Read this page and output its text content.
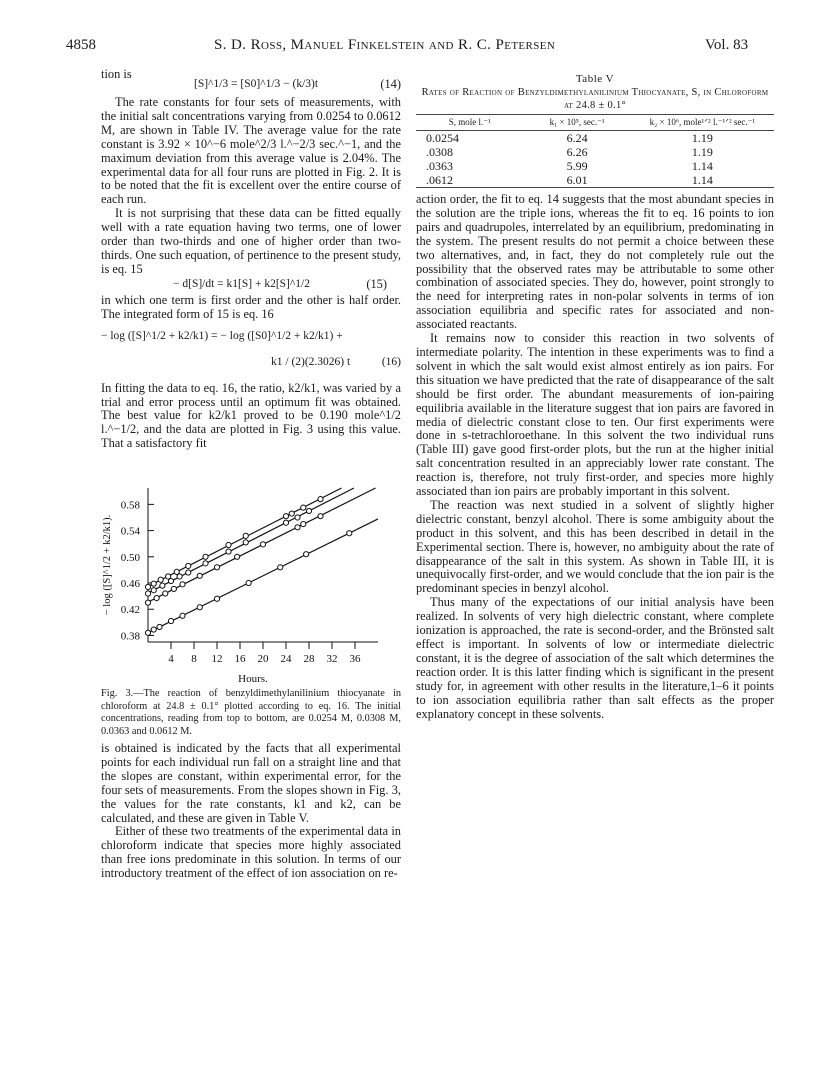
4858	S. D. Ross, Manuel Finkelstein and R. C. Petersen	Vol. 83

tion is
[S]^1/3 = [S0]^1/3 − (k/3)t	(14)

The rate constants for four sets of measurements, with the initial salt concentrations varying from 0.0254 to 0.0612 M, are shown in Table IV. The average value for the rate constant is 3.92 × 10^−6 mole^2/3 l.^−2/3 sec.^−1, and the maximum deviation from this average value is 2.04%. The experimental data for all four runs are plotted in Fig. 2. It is to be noted that the fit is excellent over the entire course of each run.

It is not surprising that these data can be fitted equally well with a rate equation having two terms, one of lower order than two-thirds and one of higher order than two-thirds. One such equation, of pertinence to the present study, is eq. 15

− d[S]/dt = k1[S] + k2[S]^1/2	(15)

in which one term is first order and the other is half order. The integrated form of 15 is eq. 16

− log ([S]^1/2 + k2/k1) = − log ([S0]^1/2 + k2/k1) +
k1 / (2)(2.3026) t	(16)

In fitting the data to eq. 16, the ratio, k2/k1, was varied by a trial and error process until an optimum fit was obtained. The best value for k2/k1 proved to be 0.190 mole^1/2 l.^−1/2, and the data are plotted in Fig. 3 using this value. That a satisfactory fit

4 8 12 16 20 24 28 32 36
0.38
0.42
0.46
0.50
0.54
0.58
Hours.
− log ([S]^1/2 + k2/k1).
Fig. 3.—The reaction of benzyldimethylanilinium thiocyanate in chloroform at 24.8 ± 0.1° plotted according to eq. 16. The initial concentrations, reading from top to bottom, are 0.0254 M, 0.0308 M, 0.0363 and 0.0612 M.

is obtained is indicated by the facts that all experimental points for each individual run fall on a straight line and that the slopes are constant, within experimental error, for the four sets of measurements. From the slopes shown in Fig. 3, the values for the rate constants, k1 and k2, can be calculated, and these are given in Table V.

Either of these two treatments of the experimental data in chloroform indicate that species more highly associated than free ions predominate in this solution. In terms of our introductory treatment of the effect of ion association on re-

Table V
Rates of Reaction of Benzyldimethylanilinium Thiocyanate, S, in Chloroform at 24.8 ± 0.1°
S, mole l.⁻¹	k₁ × 10⁵, sec.⁻¹	k₂ × 10⁶, mole¹ᐟ² l.⁻¹ᐟ² sec.⁻¹
0.0254	6.24	1.19
.0308	6.26	1.19
.0363	5.99	1.14
.0612	6.01	1.14

action order, the fit to eq. 14 suggests that the most abundant species in the solution are the triple ions, whereas the fit to eq. 16 points to ion pairs and quadrupoles, interrelated by an equilibrium, predominating in the system. The present results do not permit a choice between these two alternatives, and, in fact, they do not completely rule out the possibility that the observed rates may be attributable to some other combination of associated species. They do, however, point strongly to the need for interpreting rates in non-polar solvents in terms of ion association equilibria and specific rates for associated and non-associated reactants.

It remains now to consider this reaction in two solvents of intermediate polarity. The intention in these experiments was to find a solvent in which the salt would exist almost entirely as ion pairs. For this situation we have predicted that the rate of disappearance of the salt should be first order. The abundant measurements of ion-pairing equilibria available in the literature suggest that ion pairs are favored in media of dielectric constant close to ten. Our first experiments were done in s-tetrachloroethane. In this solvent the two individual runs (Table III) gave good first-order plots, but the run at the higher initial salt concentration resulted in an appreciably lower rate constant. The reaction is, therefore, not truly first-order, and species more highly associated than ion pairs are probably important in this solvent.

The reaction was next studied in a solvent of slightly higher dielectric constant, benzyl alcohol. There is some ambiguity about the product in this solvent, and this has been described in detail in the Experimental section. There is, however, no ambiguity about the rate of disappearance of the salt in this system. As shown in Table III, it is unequivocally first-order, and we would conclude that the ion pair is the predominant species in benzyl alcohol.

Thus many of the expectations of our initial analysis have been realized. In solvents of very high dielectric constant, where complete ionization is approached, the rate is second-order, and the Brönsted salt effect is important. In solvents of low or intermediate dielectric constant, it is the degree of association of the salt which determines the reaction order. It is this latter finding which is significant in the present study for, in agreement with other results in the literature,1–6 it points to ion association equilibria rather than salt effects as the proper explanatory concept in these solvents.
